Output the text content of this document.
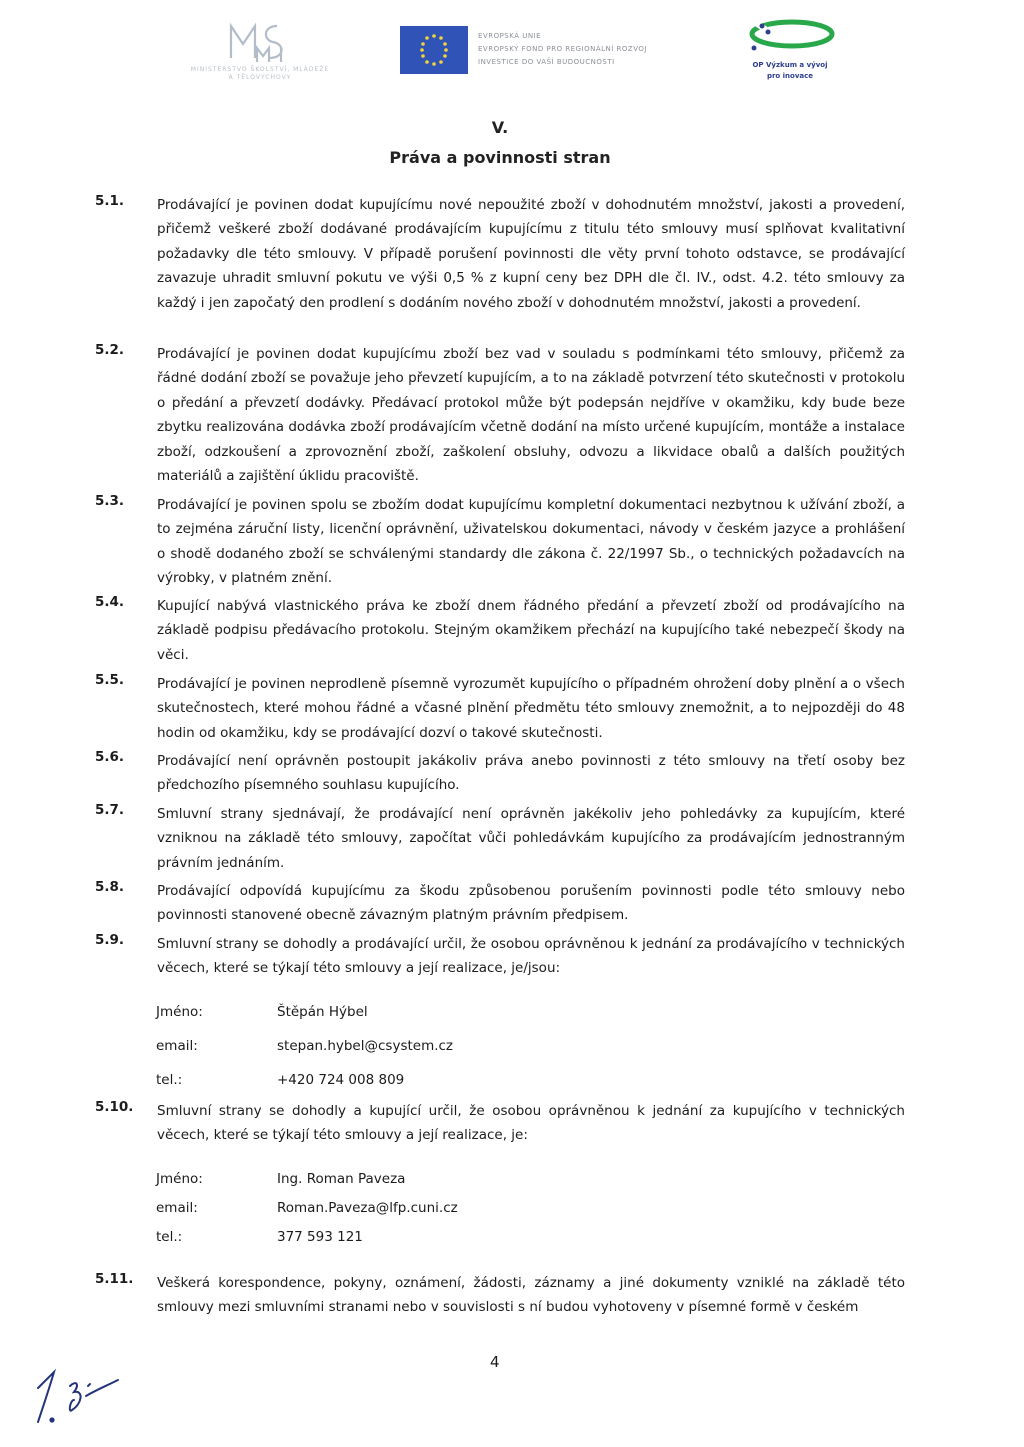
MINISTERSTVO ŠKOLSTVÍ, MLÁDEŽE A TĚLOVÝCHOVY
EVROPSKÁ UNIE
EVROPSKÝ FOND PRO REGIONÁLNÍ ROZVOJ
INVESTICE DO VAŠÍ BUDOUCNOSTI	OP Výzkum a vývoj
pro inovace
V.
Práva a povinnosti stran
5.1. Prodávající je povinen dodat kupujícímu nové nepoužité zboží v dohodnutém množství, jakosti a provedení, přičemž veškeré zboží dodávané prodávajícím kupujícímu z titulu této smlouvy musí splňovat kvalitativní požadavky dle této smlouvy. V případě porušení povinnosti dle věty první tohoto odstavce, se prodávající zavazuje uhradit smluvní pokutu ve výši 0,5 % z kupní ceny bez DPH dle čl. IV., odst. 4.2. této smlouvy za každý i jen započatý den prodlení s dodáním nového zboží v dohodnutém množství, jakosti a provedení.
5.2. Prodávající je povinen dodat kupujícímu zboží bez vad v souladu s podmínkami této smlouvy, přičemž za řádné dodání zboží se považuje jeho převzetí kupujícím, a to na základě potvrzení této skutečnosti v protokolu o předání a převzetí dodávky. Předávací protokol může být podepsán nejdříve v okamžiku, kdy bude beze zbytku realizována dodávka zboží prodávajícím včetně dodání na místo určené kupujícím, montáže a instalace zboží, odzkoušení a zprovoznění zboží, zaškolení obsluhy, odvozu a likvidace obalů a dalších použitých materiálů a zajištění úklidu pracoviště.
5.3. Prodávající je povinen spolu se zbožím dodat kupujícímu kompletní dokumentaci nezbytnou k užívání zboží, a to zejména záruční listy, licenční oprávnění, uživatelskou dokumentaci, návody v českém jazyce a prohlášení o shodě dodaného zboží se schválenými standardy dle zákona č. 22/1997 Sb., o technických požadavcích na výrobky, v platném znění.
5.4. Kupující nabývá vlastnického práva ke zboží dnem řádného předání a převzetí zboží od prodávajícího na základě podpisu předávacího protokolu. Stejným okamžikem přechází na kupujícího také nebezpečí škody na věci.
5.5. Prodávající je povinen neprodleně písemně vyrozumět kupujícího o případném ohrožení doby plnění a o všech skutečnostech, které mohou řádné a včasné plnění předmětu této smlouvy znemožnit, a to nejpozději do 48 hodin od okamžiku, kdy se prodávající dozví o takové skutečnosti.
5.6. Prodávající není oprávněn postoupit jakákoliv práva anebo povinnosti z této smlouvy na třetí osoby bez předchozího písemného souhlasu kupujícího.
5.7. Smluvní strany sjednávají, že prodávající není oprávněn jakékoliv jeho pohledávky za kupujícím, které vzniknou na základě této smlouvy, započítat vůči pohledávkám kupujícího za prodávajícím jednostranným právním jednáním.
5.8. Prodávající odpovídá kupujícímu za škodu způsobenou porušením povinnosti podle této smlouvy nebo povinnosti stanovené obecně závazným platným právním předpisem.
5.9. Smluvní strany se dohodly a prodávající určil, že osobou oprávněnou k jednání za prodávajícího v technických věcech, které se týkají této smlouvy a její realizace, je/jsou:
Jméno:	Štěpán Hýbel
email:	stepan.hybel@csystem.cz
tel.:	+420 724 008 809
5.10. Smluvní strany se dohodly a kupující určil, že osobou oprávněnou k jednání za kupujícího v technických věcech, které se týkají této smlouvy a její realizace, je:
Jméno:	Ing. Roman Paveza
email:	Roman.Paveza@lfp.cuni.cz
tel.:	377 593 121
5.11. Veškerá korespondence, pokyny, oznámení, žádosti, záznamy a jiné dokumenty vzniklé na základě této smlouvy mezi smluvními stranami nebo v souvislosti s ní budou vyhotoveny v písemné formě v českém
4
